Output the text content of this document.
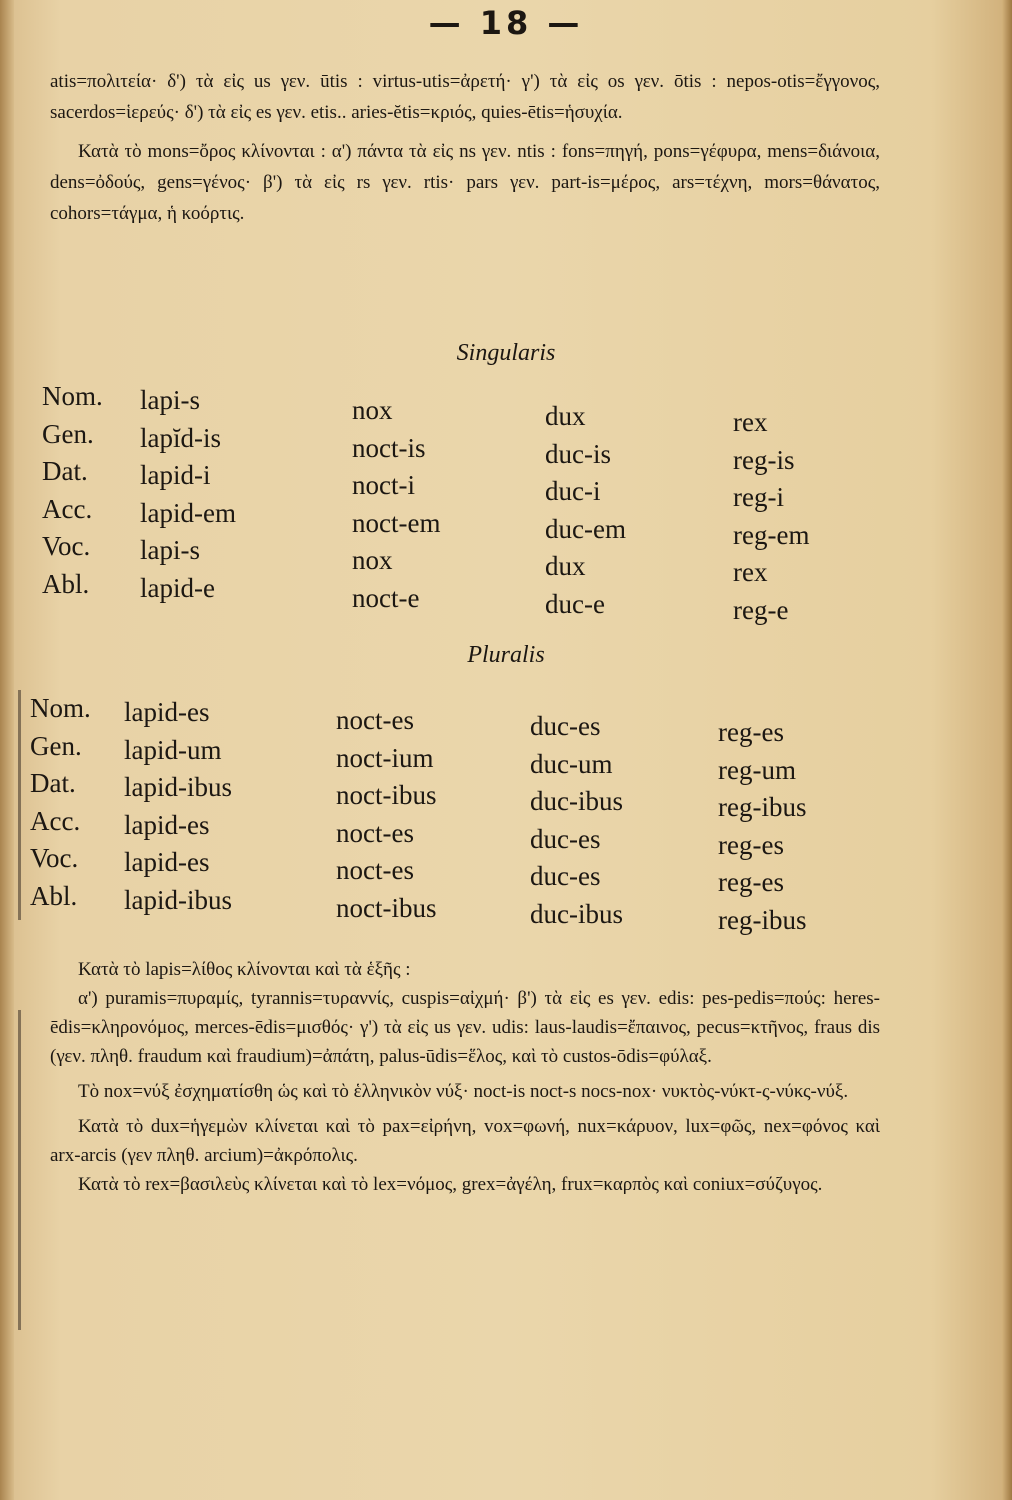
— 18 —

atis=πολιτεία· δ') τὰ εἰς us γεν. ūtis : virtus-utis=ἀρετή· γ') τὰ εἰς os γεν. ōtis : nepos-otis=ἔγγονος, sacerdos=ἱερεύς· δ') τὰ εἰς es γεν. etis.. aries-ĕtis=κριός, quies-ētis=ἡσυχία.

Κατὰ τὸ mons=ὄρος κλίνονται : α') πάντα τὰ εἰς ns γεν. ntis : fons=πηγή, pons=γέφυρα, mens=διάνοια, dens=ὀδούς, gens=γένος· β') τὰ εἰς rs γεν. rtis· pars γεν. part-is=μέρος, ars=τέχνη, mors=θάνατος, cohors=τάγμα, ἡ κοόρτις.

Singularis
Nom.
Gen.
Dat.
Acc.
Voc.
Abl.
lapi-s
lapĭd-is
lapid-i
lapid-em
lapi-s
lapid-e
nox
noct-is
noct-i
noct-em
nox
noct-e
dux
duc-is
duc-i
duc-em
dux
duc-e
rex
reg-is
reg-i
reg-em
rex
reg-e
Pluralis
Nom.
Gen.
Dat.
Acc.
Voc.
Abl.
lapid-es
lapid-um
lapid-ibus
lapid-es
lapid-es
lapid-ibus
noct-es
noct-ium
noct-ibus
noct-es
noct-es
noct-ibus
duc-es
duc-um
duc-ibus
duc-es
duc-es
duc-ibus
reg-es
reg-um
reg-ibus
reg-es
reg-es
reg-ibus

Κατὰ τὸ lapis=λίθος κλίνονται καὶ τὰ ἑξῆς :

α') puramis=πυραμίς, tyrannis=τυραννίς, cuspis=αἰχμή· β') τὰ εἰς es γεν. edis: pes-pedis=πούς: heres-ēdis=κληρονόμος, merces-ēdis=μισθός· γ') τὰ εἰς us γεν. udis: laus-laudis=ἔπαινος, pecus=κτῆνος, fraus dis (γεν. πληθ. fraudum καὶ fraudium)=ἀπάτη, palus-ūdis=ἕλος, καὶ τὸ custos-ōdis=φύλαξ.

Τὸ nox=νύξ ἐσχηματίσθη ὡς καὶ τὸ ἑλληνικὸν νύξ· noct-is noct-s nocs-nox· νυκτὸς-νύκτ-ς-νύκς-νύξ.

Κατὰ τὸ dux=ἡγεμὼν κλίνεται καὶ τὸ pax=εἰρήνη, vox=φωνή, nux=κάρυον, lux=φῶς, nex=φόνος καὶ arx-arcis (γεν πληθ. arcium)=ἀκρόπολις.

Κατὰ τὸ rex=βασιλεὺς κλίνεται καὶ τὸ lex=νόμος, grex=ἀγέλη, frux=καρπὸς καὶ coniux=σύζυγος.
